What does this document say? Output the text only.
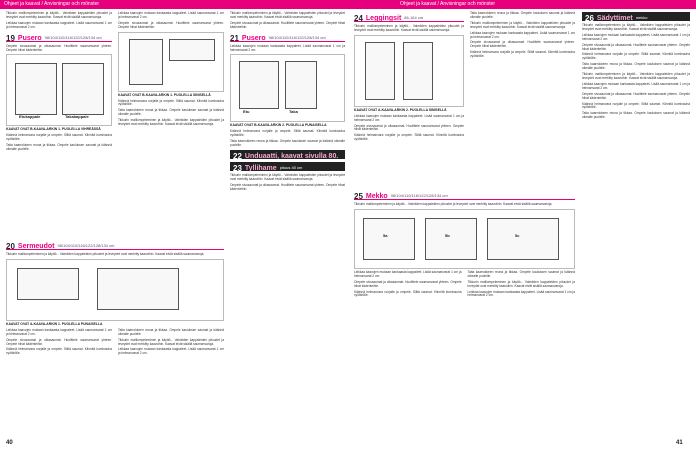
Ohjeet ja kaavat / Anvisningar och mönster	Ohjeet ja kaavat / Anvisningar och mönster

Tikkurin malliompeleminen ja käyttö... Valmiiden kappaleiden pituudet ja leveydet ovat merkitty kaavoihin. Kaavat eivät sisällä saumanvaroja.

Leikkaa kaavojen mukaan kankaasta kappaleet. Lisää saumanvarat 1 cm ja helmanvarat 2 cm.

19 Pusero 98/104/110/116/122/128/134 cm

Ompele sivusaumat ja olkasaumat. Huolittele saumanvarat yhteen. Ompele hihat kädenteihin.

Etukappale	Takakappale
KAAVAT OVAT B-KAAVA-ARKIN 1. PUOLELLA VIHREÄSSÄ

Käännä helmanvara nurjalle ja ompele. Silitä saumat. Kiinnitä kuminauha vyötärölle.

Taita kaarrokkeen reuna ja tikkaa. Ompele kauluksen saumat ja käännä oikealle puolelle.

Leikkaa kaavojen mukaan kankaasta kappaleet. Lisää saumanvarat 1 cm ja helmanvarat 2 cm.

Ompele sivusaumat ja olkasaumat. Huolittele saumanvarat yhteen. Ompele hihat kädenteihin.

KAAVAT OVAT B-KAAVA-ARKIN 1. PUOLELLA SINISELLÄ

Käännä helmanvara nurjalle ja ompele. Silitä saumat. Kiinnitä kuminauha vyötärölle.

Taita kaarrokkeen reuna ja tikkaa. Ompele kauluksen saumat ja käännä oikealle puolelle.

Tikkurin malliompeleminen ja käyttö... Valmiiden kappaleiden pituudet ja leveydet ovat merkitty kaavoihin. Kaavat eivät sisällä saumanvaroja.

20 Sermeudot 98/104/110/116/122/128/134 cm

Tikkurin malliompeleminen ja käyttö... Valmiiden kappaleiden pituudet ja leveydet ovat merkitty kaavoihin. Kaavat eivät sisällä saumanvaroja.

KAAVAT OVAT A-KAAVA-ARKIN 1. PUOLELLA PUNAISELLA

Leikkaa kaavojen mukaan kankaasta kappaleet. Lisää saumanvarat 1 cm ja helmanvarat 2 cm.

Ompele sivusaumat ja olkasaumat. Huolittele saumanvarat yhteen. Ompele hihat kädenteihin.

Käännä helmanvara nurjalle ja ompele. Silitä saumat. Kiinnitä kuminauha vyötärölle.

Taita kaarrokkeen reuna ja tikkaa. Ompele kauluksen saumat ja käännä oikealle puolelle.

Tikkurin malliompeleminen ja käyttö... Valmiiden kappaleiden pituudet ja leveydet ovat merkitty kaavoihin. Kaavat eivät sisällä saumanvaroja.

Leikkaa kaavojen mukaan kankaasta kappaleet. Lisää saumanvarat 1 cm ja helmanvarat 2 cm.

Tikkurin malliompeleminen ja käyttö... Valmiiden kappaleiden pituudet ja leveydet ovat merkitty kaavoihin. Kaavat eivät sisällä saumanvaroja.

Ompele sivusaumat ja olkasaumat. Huolittele saumanvarat yhteen. Ompele hihat kädenteihin.

21 Pusero 98/104/110/116/122/128/134 cm

Leikkaa kaavojen mukaan kankaasta kappaleet. Lisää saumanvarat 1 cm ja helmanvarat 2 cm.

Etu	Taka
KAAVAT OVAT B-KAAVA-ARKIN 2. PUOLELLA PUNAISELLA

Käännä helmanvara nurjalle ja ompele. Silitä saumat. Kiinnitä kuminauha vyötärölle.

Taita kaarrokkeen reuna ja tikkaa. Ompele kauluksen saumat ja käännä oikealle puolelle.

22 Unduaatti, kaavat sivulla 80.
23 Tyllihame pituus 40 cm

Tikkurin malliompeleminen ja käyttö... Valmiiden kappaleiden pituudet ja leveydet ovat merkitty kaavoihin. Kaavat eivät sisällä saumanvaroja.

Ompele sivusaumat ja olkasaumat. Huolittele saumanvarat yhteen. Ompele hihat kädenteihin.

40
24 Leggingsit 86-164 cm

Tikkurin malliompeleminen ja käyttö... Valmiiden kappaleiden pituudet ja leveydet ovat merkitty kaavoihin. Kaavat eivät sisällä saumanvaroja.

KAAVAT OVAT A-KAAVA-ARKIN 2. PUOLELLA SINISELLÄ

Leikkaa kaavojen mukaan kankaasta kappaleet. Lisää saumanvarat 1 cm ja helmanvarat 2 cm.

Ompele sivusaumat ja olkasaumat. Huolittele saumanvarat yhteen. Ompele hihat kädenteihin.

Käännä helmanvara nurjalle ja ompele. Silitä saumat. Kiinnitä kuminauha vyötärölle.

Taita kaarrokkeen reuna ja tikkaa. Ompele kauluksen saumat ja käännä oikealle puolelle.

Tikkurin malliompeleminen ja käyttö... Valmiiden kappaleiden pituudet ja leveydet ovat merkitty kaavoihin. Kaavat eivät sisällä saumanvaroja.

Leikkaa kaavojen mukaan kankaasta kappaleet. Lisää saumanvarat 1 cm ja helmanvarat 2 cm.

Ompele sivusaumat ja olkasaumat. Huolittele saumanvarat yhteen. Ompele hihat kädenteihin.

Käännä helmanvara nurjalle ja ompele. Silitä saumat. Kiinnitä kuminauha vyötärölle.

25 Mekko 98/104/110/116/122/128/134 cm

Tikkurin malliompeleminen ja käyttö... Valmiiden kappaleiden pituudet ja leveydet ovat merkitty kaavoihin. Kaavat eivät sisällä saumanvaroja.

5a	5b	5c

Leikkaa kaavojen mukaan kankaasta kappaleet. Lisää saumanvarat 1 cm ja helmanvarat 2 cm.

Ompele sivusaumat ja olkasaumat. Huolittele saumanvarat yhteen. Ompele hihat kädenteihin.

Käännä helmanvara nurjalle ja ompele. Silitä saumat. Kiinnitä kuminauha vyötärölle.

Taita kaarrokkeen reuna ja tikkaa. Ompele kauluksen saumat ja käännä oikealle puolelle.

Tikkurin malliompeleminen ja käyttö... Valmiiden kappaleiden pituudet ja leveydet ovat merkitty kaavoihin. Kaavat eivät sisällä saumanvaroja.

Leikkaa kaavojen mukaan kankaasta kappaleet. Lisää saumanvarat 1 cm ja helmanvarat 2 cm.

26 Sädyttimet mekko

Tikkurin malliompeleminen ja käyttö... Valmiiden kappaleiden pituudet ja leveydet ovat merkitty kaavoihin. Kaavat eivät sisällä saumanvaroja.

Leikkaa kaavojen mukaan kankaasta kappaleet. Lisää saumanvarat 1 cm ja helmanvarat 2 cm.

Ompele sivusaumat ja olkasaumat. Huolittele saumanvarat yhteen. Ompele hihat kädenteihin.

Käännä helmanvara nurjalle ja ompele. Silitä saumat. Kiinnitä kuminauha vyötärölle.

Taita kaarrokkeen reuna ja tikkaa. Ompele kauluksen saumat ja käännä oikealle puolelle.

Tikkurin malliompeleminen ja käyttö... Valmiiden kappaleiden pituudet ja leveydet ovat merkitty kaavoihin. Kaavat eivät sisällä saumanvaroja.

Leikkaa kaavojen mukaan kankaasta kappaleet. Lisää saumanvarat 1 cm ja helmanvarat 2 cm.

Ompele sivusaumat ja olkasaumat. Huolittele saumanvarat yhteen. Ompele hihat kädenteihin.

Käännä helmanvara nurjalle ja ompele. Silitä saumat. Kiinnitä kuminauha vyötärölle.

Taita kaarrokkeen reuna ja tikkaa. Ompele kauluksen saumat ja käännä oikealle puolelle.

41
